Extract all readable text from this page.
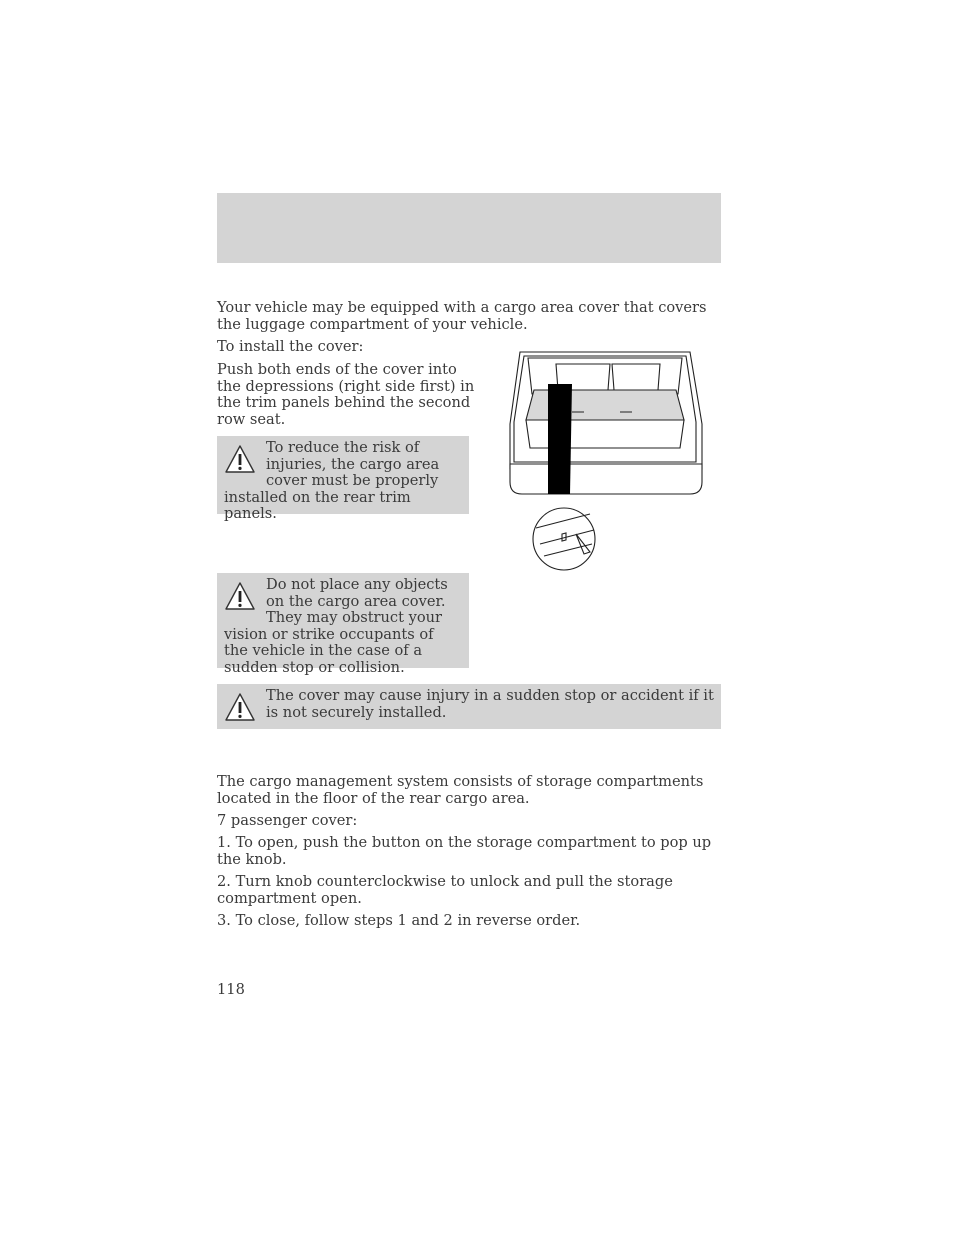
Your vehicle may be equipped with a cargo area cover that covers the luggage compartment of your vehicle.

To install the cover:

Push both ends of the cover into the depressions (right side first) in the trim panels behind the second row seat.

To reduce the risk of injuries, the cargo area cover must be properly installed on the rear trim panels.
Do not place any objects on the cargo area cover. They may obstruct your vision or strike occupants of the vehicle in the case of a sudden stop or collision.
The cover may cause injury in a sudden stop or accident if it is not securely installed.

The cargo management system consists of storage compartments located in the floor of the rear cargo area.

7 passenger cover:

1. To open, push the button on the storage compartment to pop up the knob.

2. Turn knob counterclockwise to unlock and pull the storage compartment open.

3. To close, follow steps 1 and 2 in reverse order.

118
